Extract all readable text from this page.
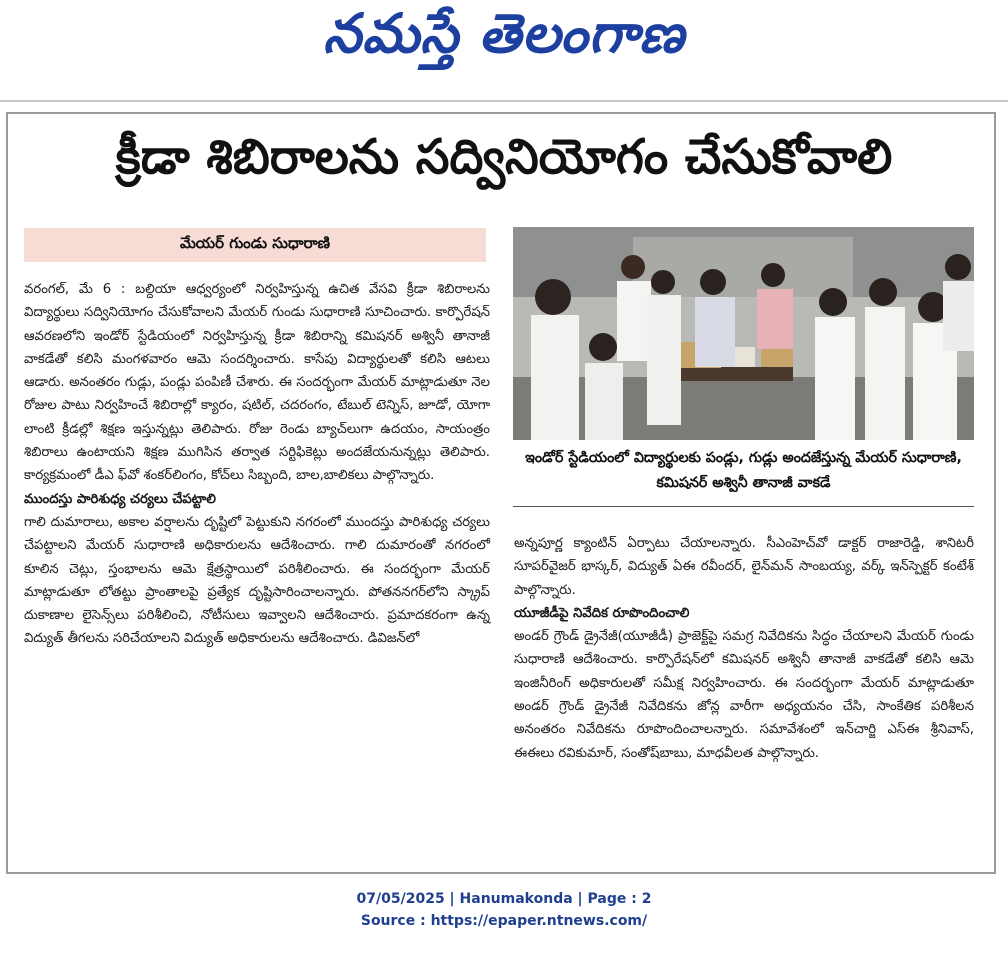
నమస్తే తెలంగాణ
క్రీడా శిబిరాలను సద్వినియోగం చేసుకోవాలి
మేయర్ గుండు సుధారాణి

వరంగల్, మే 6 : బల్దియా ఆధ్వర్యంలో నిర్వహిస్తున్న ఉచిత వేసవి క్రీడా శిబిరాలను విద్యార్థులు సద్వినియోగం చేసుకోవాలని మేయర్ గుండు సుధారాణి సూచించారు. కార్పొరేషన్ ఆవరణలోని ఇండోర్ స్టేడియంలో నిర్వహిస్తున్న క్రీడా శిబిరాన్ని కమిషనర్ అశ్వినీ తానాజీ వాకడేతో కలిసి మంగళవారం ఆమె సందర్శించారు. కాసేపు విద్యార్థులతో కలిసి ఆటలు ఆడారు. అనంతరం గుడ్లు, పండ్లు పంపిణీ చేశారు. ఈ సందర్భంగా మేయర్ మాట్లాడుతూ నెల రోజుల పాటు నిర్వహించే శిబిరాల్లో క్యారం, షటిల్, చదరంగం, టేబుల్ టెన్నిస్, జూడో, యోగా లాంటి క్రీడల్లో శిక్షణ ఇస్తున్నట్లు తెలిపారు. రోజు రెండు బ్యాచ్‌లుగా ఉదయం, సాయంత్రం శిబిరాలు ఉంటాయని శిక్షణ ముగిసిన తర్వాత సర్టిఫికెట్లు అందజేయనున్నట్లు తెలిపారు. కార్యక్రమంలో డీఎ ఫ్‌వో శంకర్‌లింగం, కోచ్‌లు సిబ్బంది, బాల,బాలికలు పాల్గొన్నారు.

ముందస్తు పారిశుధ్య చర్యలు చేపట్టాలి

గాలి దుమారాలు, అకాల వర్షాలను దృష్టిలో పెట్టుకుని నగరంలో ముందస్తు పారిశుధ్య చర్యలు చేపట్టాలని మేయర్ సుధారాణి అధికారులను ఆదేశించారు. గాలి దుమారంతో నగరంలో కూలిన చెట్లు, స్తంభాలను ఆమె క్షేత్రస్థాయిలో పరిశీలించారు. ఈ సందర్భంగా మేయర్ మాట్లాడుతూ లోతట్టు ప్రాంతాలపై ప్రత్యేక దృష్టిసారించాలన్నారు. పోతననగర్‌లోని స్క్రాప్ దుకాణాల లైసెన్స్‌లు పరిశీలించి, నోటీసులు ఇవ్వాలని ఆదేశించారు. ప్రమాదకరంగా ఉన్న విద్యుత్ తీగలను సరిచేయాలని విద్యుత్ అధికారులను ఆదేశించారు. డివిజన్‌లో

ఇండోర్ స్టేడియంలో విద్యార్థులకు పండ్లు, గుడ్లు అందజేస్తున్న మేయర్ సుధారాణి, కమిషనర్ అశ్వినీ తానాజీ వాకడే

అన్నపూర్ణ క్యాంటిన్ ఏర్పాటు చేయాలన్నారు. సీఎంహెచ్‌వో డాక్టర్ రాజారెడ్డి, శానిటరీ సూపర్‌వైజర్ భాస్కర్, విద్యుత్ ఏఈ రవీందర్, లైన్‌మన్ సాంబయ్య, వర్క్ ఇన్‌స్పెక్టర్ కంటేశ్ పాల్గొన్నారు.

యూజీడీపై నివేదిక రూపొందించాలి

అండర్ గ్రౌండ్ డ్రైనేజీ(యూజీడీ) ప్రాజెక్ట్‌పై సమగ్ర నివేదికను సిద్ధం చేయాలని మేయర్ గుండు సుధారాణి ఆదేశించారు. కార్పొరేషన్‌లో కమిషనర్ అశ్వినీ తానాజీ వాకడేతో కలిసి ఆమె ఇంజినీరింగ్ అధికారులతో సమీక్ష నిర్వహించారు. ఈ సందర్భంగా మేయర్ మాట్లాడుతూ అండర్ గ్రౌండ్ డ్రైనేజీ నివేదికను జోన్ల వారీగా అధ్యయనం చేసి, సాంకేతిక పరిశీలన అనంతరం నివేదికను రూపొందించాలన్నారు. సమావేశంలో ఇన్‌చార్జి ఎస్‌ఈ శ్రీనివాస్, ఈఈలు రవికుమార్, సంతోష్‌బాబు, మాధవీలత పాల్గొన్నారు.

07/05/2025 | Hanumakonda | Page : 2
Source : https://epaper.ntnews.com/
